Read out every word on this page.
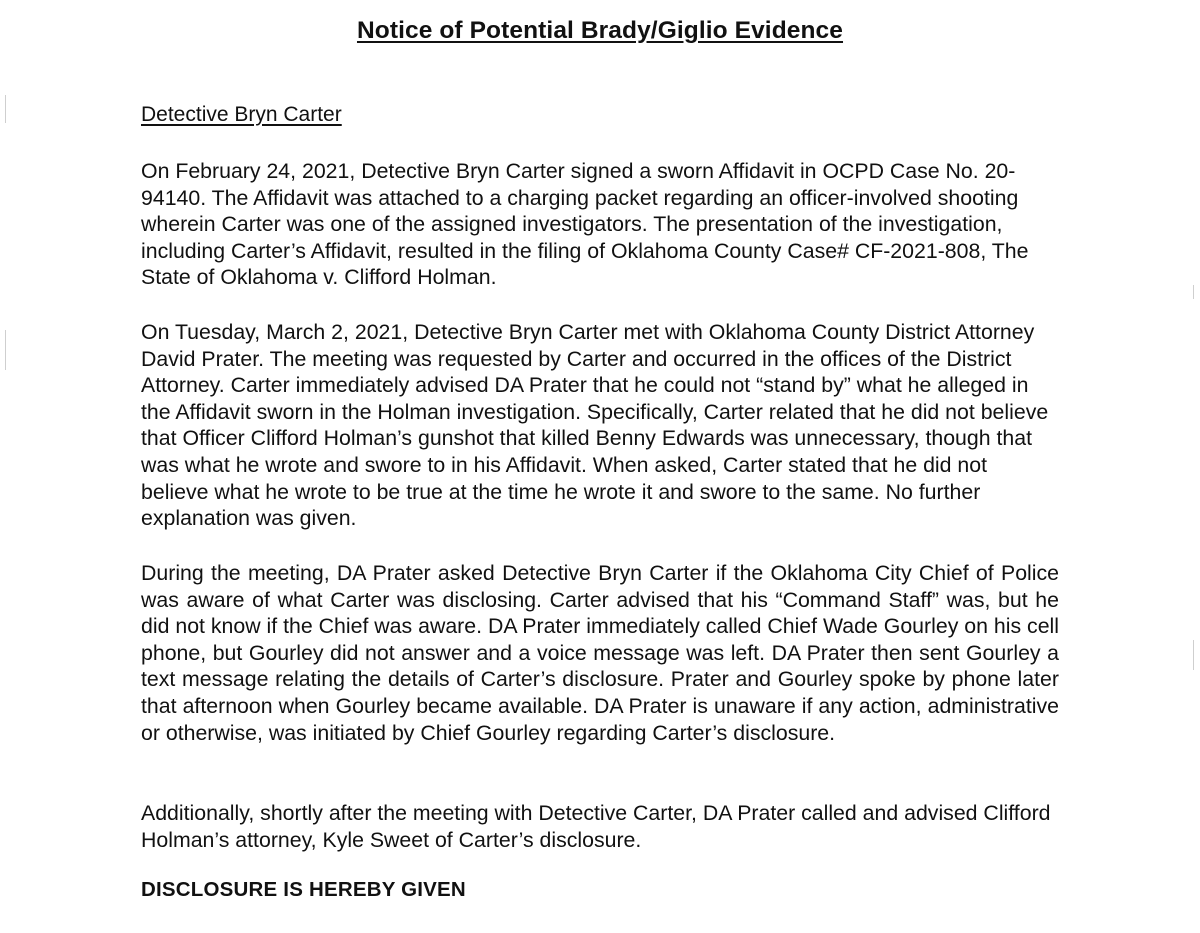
Notice of Potential Brady/Giglio Evidence
Detective Bryn Carter

On February 24, 2021, Detective Bryn Carter signed a sworn Affidavit in OCPD Case No. 20-94140. The Affidavit was attached to a charging packet regarding an officer-involved shooting wherein Carter was one of the assigned investigators. The presentation of the investigation, including Carter’s Affidavit, resulted in the filing of Oklahoma County Case# CF-2021-808, The State of Oklahoma v. Clifford Holman.

On Tuesday, March 2, 2021, Detective Bryn Carter met with Oklahoma County District Attorney David Prater. The meeting was requested by Carter and occurred in the offices of the District Attorney. Carter immediately advised DA Prater that he could not “stand by” what he alleged in the Affidavit sworn in the Holman investigation. Specifically, Carter related that he did not believe that Officer Clifford Holman’s gunshot that killed Benny Edwards was unnecessary, though that was what he wrote and swore to in his Affidavit. When asked, Carter stated that he did not believe what he wrote to be true at the time he wrote it and swore to the same. No further explanation was given.

During the meeting, DA Prater asked Detective Bryn Carter if the Oklahoma City Chief of Police was aware of what Carter was disclosing. Carter advised that his “Command Staff” was, but he did not know if the Chief was aware. DA Prater immediately called Chief Wade Gourley on his cell phone, but Gourley did not answer and a voice message was left. DA Prater then sent Gourley a text message relating the details of Carter’s disclosure. Prater and Gourley spoke by phone later that afternoon when Gourley became available. DA Prater is unaware if any action, administrative or otherwise, was initiated by Chief Gourley regarding Carter’s disclosure.

Additionally, shortly after the meeting with Detective Carter, DA Prater called and advised Clifford Holman’s attorney, Kyle Sweet of Carter’s disclosure.

DISCLOSURE IS HEREBY GIVEN
